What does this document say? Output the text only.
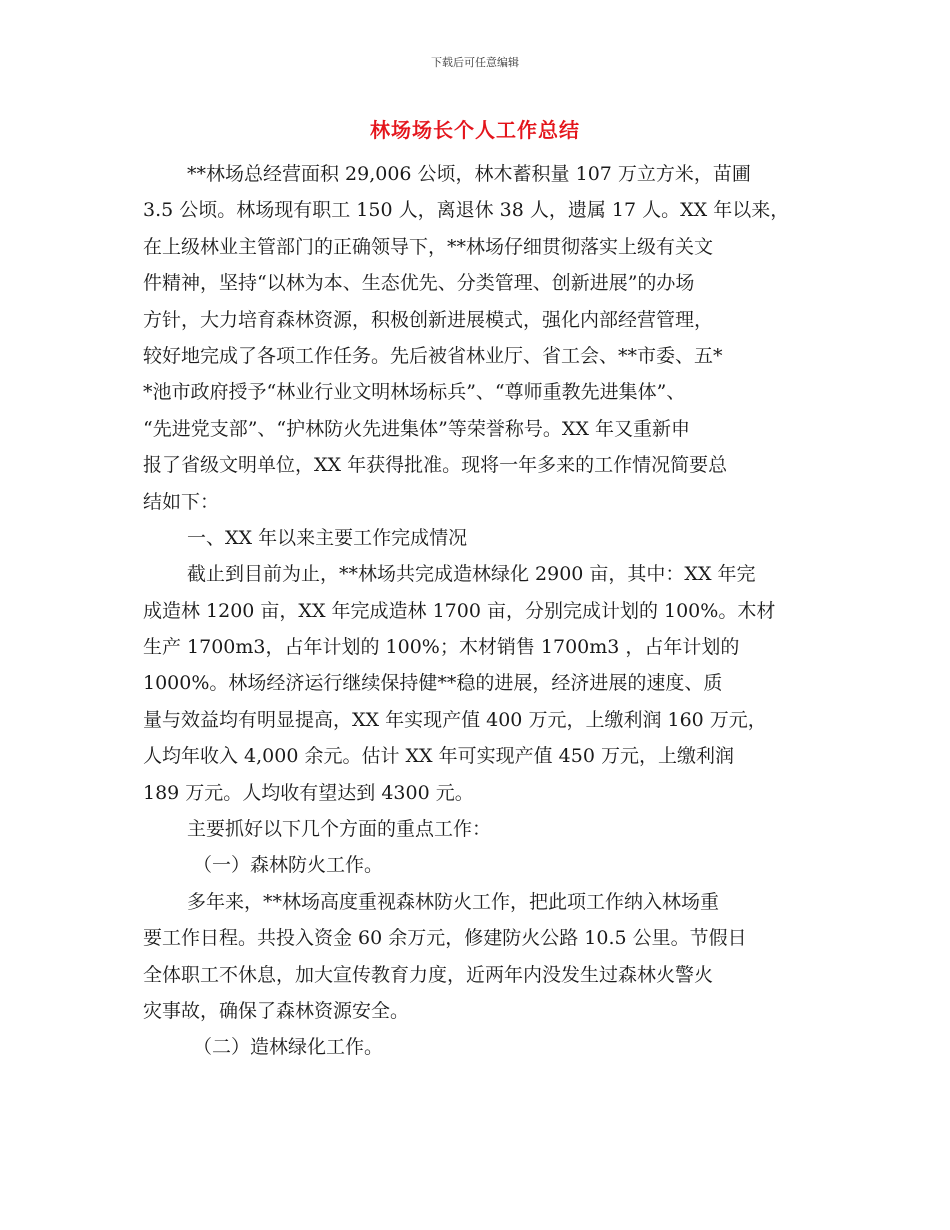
下载后可任意编辑
林场场长个人工作总结
**林场总经营面积 29,006 公顷，林木蓄积量 107 万立方米，苗圃
3.5 公顷。林场现有职工 150 人，离退休 38 人，遗属 17 人。XX 年以来，
在上级林业主管部门的正确领导下，**林场仔细贯彻落实上级有关文
件精神，坚持“以林为本、生态优先、分类管理、创新进展”的办场
方针，大力培育森林资源，积极创新进展模式，强化内部经营管理，
较好地完成了各项工作任务。先后被省林业厅、省工会、**市委、五*
*池市政府授予“林业行业文明林场标兵”、“尊师重教先进集体”、
“先进党支部”、“护林防火先进集体”等荣誉称号。XX 年又重新申
报了省级文明单位，XX 年获得批准。现将一年多来的工作情况简要总
结如下：
一、XX 年以来主要工作完成情况
截止到目前为止，**林场共完成造林绿化 2900 亩，其中：XX 年完
成造林 1200 亩，XX 年完成造林 1700 亩，分别完成计划的 100%。木材
生产 1700m3，占年计划的 100%；木材销售 1700m3 ，占年计划的
1000%。林场经济运行继续保持健**稳的进展，经济进展的速度、质
量与效益均有明显提高，XX 年实现产值 400 万元，上缴利润 160 万元，
人均年收入 4,000 余元。估计 XX 年可实现产值 450 万元，上缴利润
189 万元。人均收有望达到 4300 元。
主要抓好以下几个方面的重点工作：
（一）森林防火工作。
多年来，**林场高度重视森林防火工作，把此项工作纳入林场重
要工作日程。共投入资金 60 余万元，修建防火公路 10.5 公里。节假日
全体职工不休息，加大宣传教育力度，近两年内没发生过森林火警火
灾事故，确保了森林资源安全。
（二）造林绿化工作。
